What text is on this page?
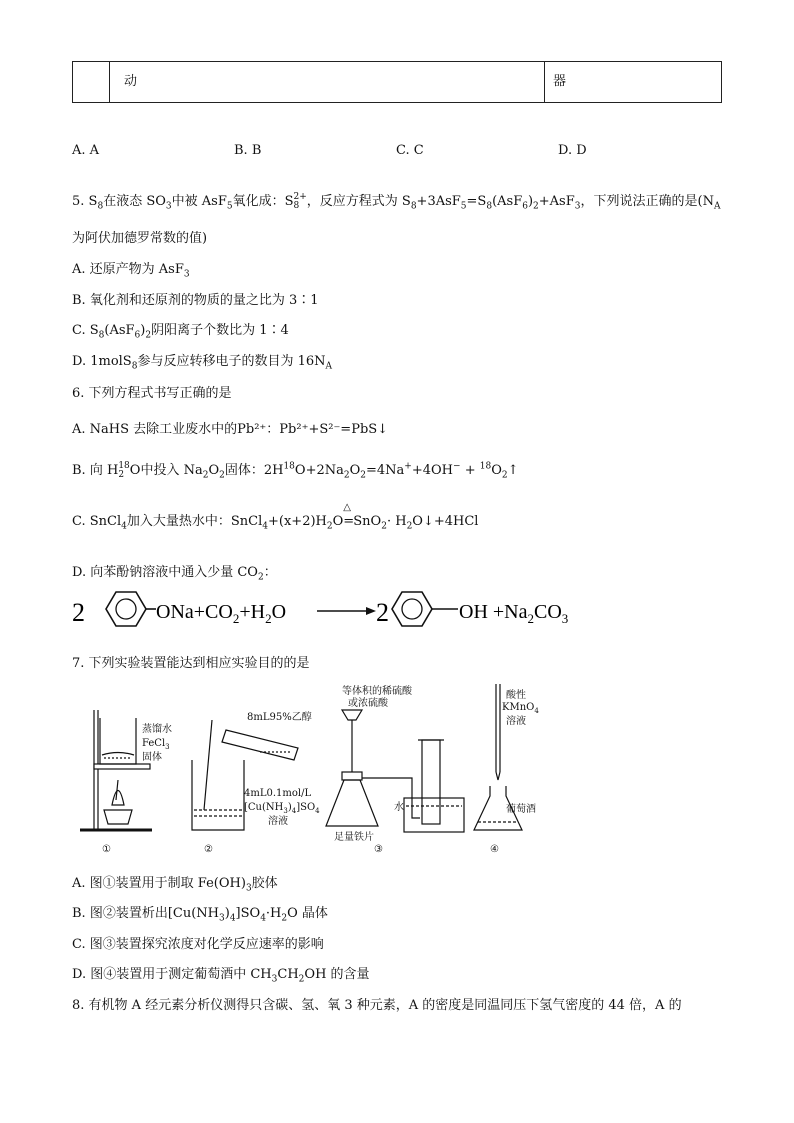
动	器
A. A	B. B	C. C	D. D
5. $S_8$在液态 $SO_3$中被 AsF$_5$氧化成：S 2+
8 ，反应方程式为 $S_8+3AsF_5=S_8(AsF_6)_2+AsF_3$，下列说法正确的是($N_A$
为阿伏加德罗常数的值)
A. 还原产物为 AsF$_3$
B. 氧化剂和还原剂的物质的量之比为 3∶1
C. $S_8(AsF_6)_2$阴阳离子个数比为 1∶4
D. 1molS$_8$参与反应转移电子的数目为 $16N_A$
6. 下列方程式书写正确的是
A. NaHS 去除工业废水中的Pb²⁺：Pb²⁺+S²⁻=PbS↓
B. 向 H 18
2 O中投入 $Na_2O_2$固体：$2H^{18}O+2Na_2O_2=4Na^++4OH^-$ + $^{18}O_2↑$
C. SnCl$_4$加入大量热水中：$SnCl_4+(x+2)H_2O$
△
$=SnO_2\cdot H_2O↓+4HCl$
D. 向苯酚钠溶液中通入少量 $CO_2$：
2	$ONa+CO_2+H_2O$	2	OH $+Na_2CO_3$
7. 下列实验装置能达到相应实验目的的是
蒸馏水
FeCl$_3$
固体
①
8mL95%乙醇
4mL0.1mol/L
$[Cu(NH_3)_4]SO_4$
溶液
②
等体积的稀硫酸
或浓硫酸
足量铁片
水
③
酸性
KMnO$_4$
溶液
葡萄酒
④
A. 图①装置用于制取 $Fe(OH)_3$胶体
B. 图②装置析出$[Cu(NH_3)_4]SO_4\cdot H_2O$ 晶体
C. 图③装置探究浓度对化学反应速率的影响
D. 图④装置用于测定葡萄酒中 $CH_3CH_2OH$ 的含量
8. 有机物 A 经元素分析仪测得只含碳、氢、氧 3 种元素，A 的密度是同温同压下氢气密度的 44 倍，A 的
